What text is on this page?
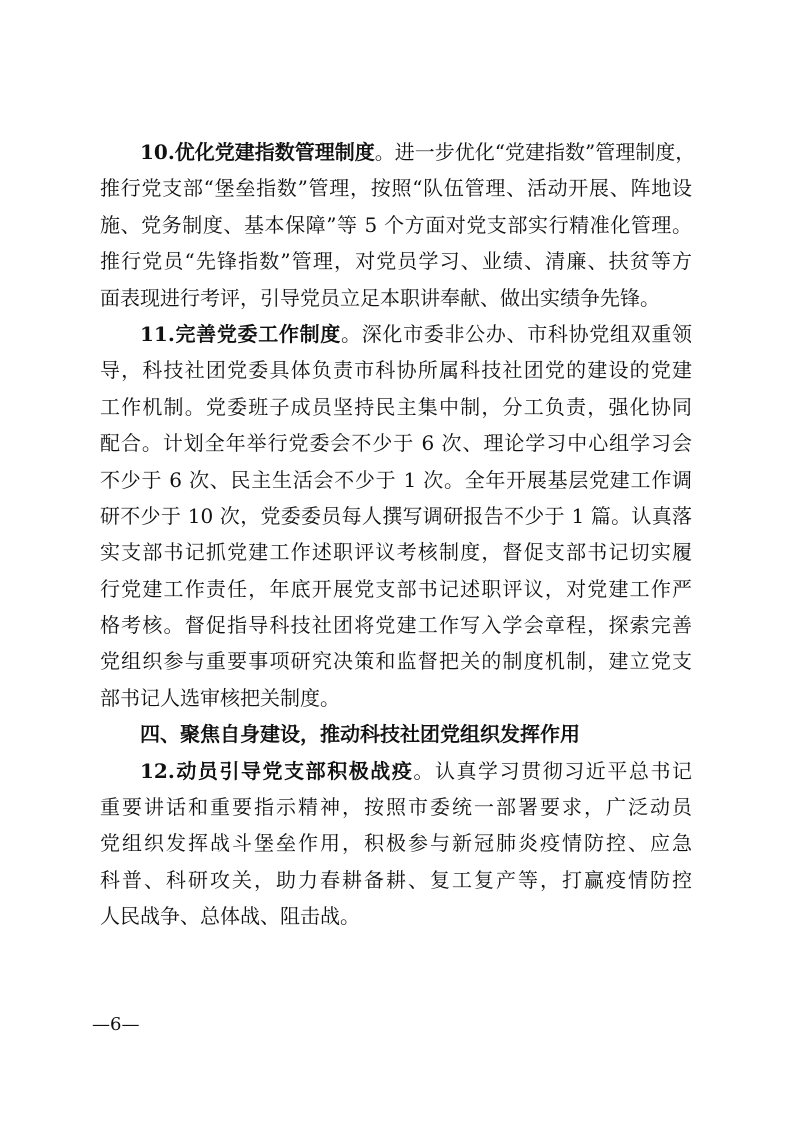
10.优化党建指数管理制度。进一步优化“党建指数”管理制度，
推行党支部“堡垒指数”管理，按照“队伍管理、活动开展、阵地设
施、党务制度、基本保障”等 5 个方面对党支部实行精准化管理。
推行党员“先锋指数”管理，对党员学习、业绩、清廉、扶贫等方
面表现进行考评，引导党员立足本职讲奉献、做出实绩争先锋。
11.完善党委工作制度。深化市委非公办、市科协党组双重领
导，科技社团党委具体负责市科协所属科技社团党的建设的党建
工作机制。党委班子成员坚持民主集中制，分工负责，强化协同
配合。计划全年举行党委会不少于 6 次、理论学习中心组学习会
不少于 6 次、民主生活会不少于 1 次。全年开展基层党建工作调
研不少于 10 次，党委委员每人撰写调研报告不少于 1 篇。认真落
实支部书记抓党建工作述职评议考核制度，督促支部书记切实履
行党建工作责任，年底开展党支部书记述职评议，对党建工作严
格考核。督促指导科技社团将党建工作写入学会章程，探索完善
党组织参与重要事项研究决策和监督把关的制度机制，建立党支
部书记人选审核把关制度。
四、聚焦自身建设，推动科技社团党组织发挥作用
12.动员引导党支部积极战疫。认真学习贯彻习近平总书记
重要讲话和重要指示精神，按照市委统一部署要求，广泛动员
党组织发挥战斗堡垒作用，积极参与新冠肺炎疫情防控、应急
科普、科研攻关，助力春耕备耕、复工复产等，打赢疫情防控
人民战争、总体战、阻击战。
—6—
